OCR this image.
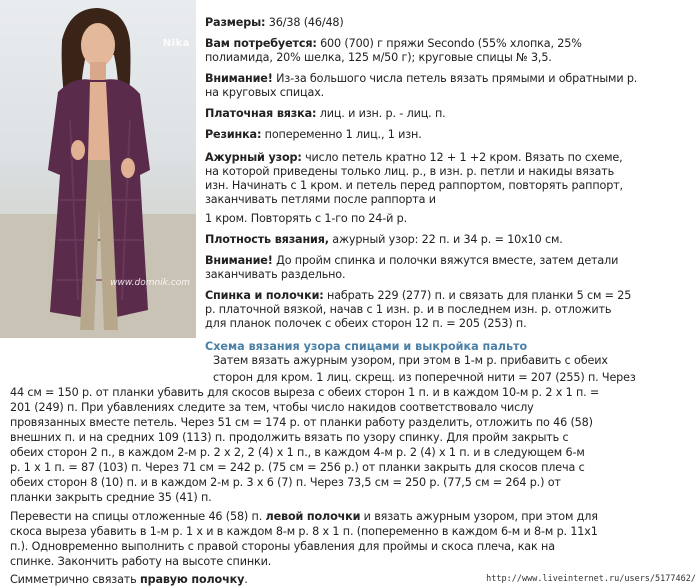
Nika
www.domnik.com
Размеры: 36/38 (46/48)
Вам потребуется: 600 (700) г пряжи Secondo (55% хлопка, 25%
полиамида, 20% шелка, 125 м/50 г); круговые спицы № 3,5.
Внимание! Из-за большого числа петель вязать прямыми и обратными р.
на круговых спицах.
Платочная вязка: лиц. и изн. р. - лиц. п.
Резинка: попеременно 1 лиц., 1 изн.
Ажурный узор: число петель кратно 12 + 1 +2 кром. Вязать по схеме,
на которой приведены только лиц. р., в изн. р. петли и накиды вязать
изн. Начинать с 1 кром. и петель перед раппортом, повторять раппорт,
заканчивать петлями после раппорта и
1 кром. Повторять с 1-го по 24-й р.
Плотность вязания, ажурный узор: 22 п. и 34 р. = 10x10 см.
Внимание! До пройм спинка и полочки вяжутся вместе, затем детали
заканчивать раздельно.
Спинка и полочки: набрать 229 (277) п. и связать для планки 5 см = 25
р. платочной вязкой, начав с 1 изн. р. и в последнем изн. р. отложить
для планок полочек с обеих сторон 12 п. = 205 (253) п.
Затем вязать ажурным узором, при этом в 1-м р. прибавить с обеих
сторон для кром. 1 лиц. скрещ. из поперечной нити = 207 (255) п. Через
44 см = 150 р. от планки убавить для скосов выреза с обеих сторон 1 п. и в каждом 10-м р. 2 х 1 п. =
201 (249) п. При убавлениях следите за тем, чтобы число накидов соответствовало числу
провязанных вместе петель. Через 51 см = 174 р. от планки работу разделить, отложить по 46 (58)
внешних п. и на средних 109 (113) п. продолжить вязать по узору спинку. Для пройм закрыть с
обеих сторон 2 п., в каждом 2-м р. 2 х 2, 2 (4) х 1 п., в каждом 4-м р. 2 (4) х 1 п. и в следующем 6-м
р. 1 х 1 п. = 87 (103) п. Через 71 см = 242 р. (75 см = 256 р.) от планки закрыть для скосов плеча с
обеих сторон 8 (10) п. и в каждом 2-м р. 3 х 6 (7) п. Через 73,5 см = 250 р. (77,5 см = 264 р.) от
планки закрыть средние 35 (41) п.
Перевести на спицы отложенные 46 (58) п. левой полочки и вязать ажурным узором, при этом для
скоса выреза убавить в 1-м р. 1 х и в каждом 8-м р. 8 х 1 п. (попеременно в каждом 6-м и 8-м р. 11х1
п.). Одновременно выполнить с правой стороны убавления для проймы и скоса плеча, как на
спинке. Закончить работу на высоте спинки.
Симметрично связать правую полочку.
Схема вязания узора спицами и выкройка пальто
http://www.liveinternet.ru/users/5177462/
